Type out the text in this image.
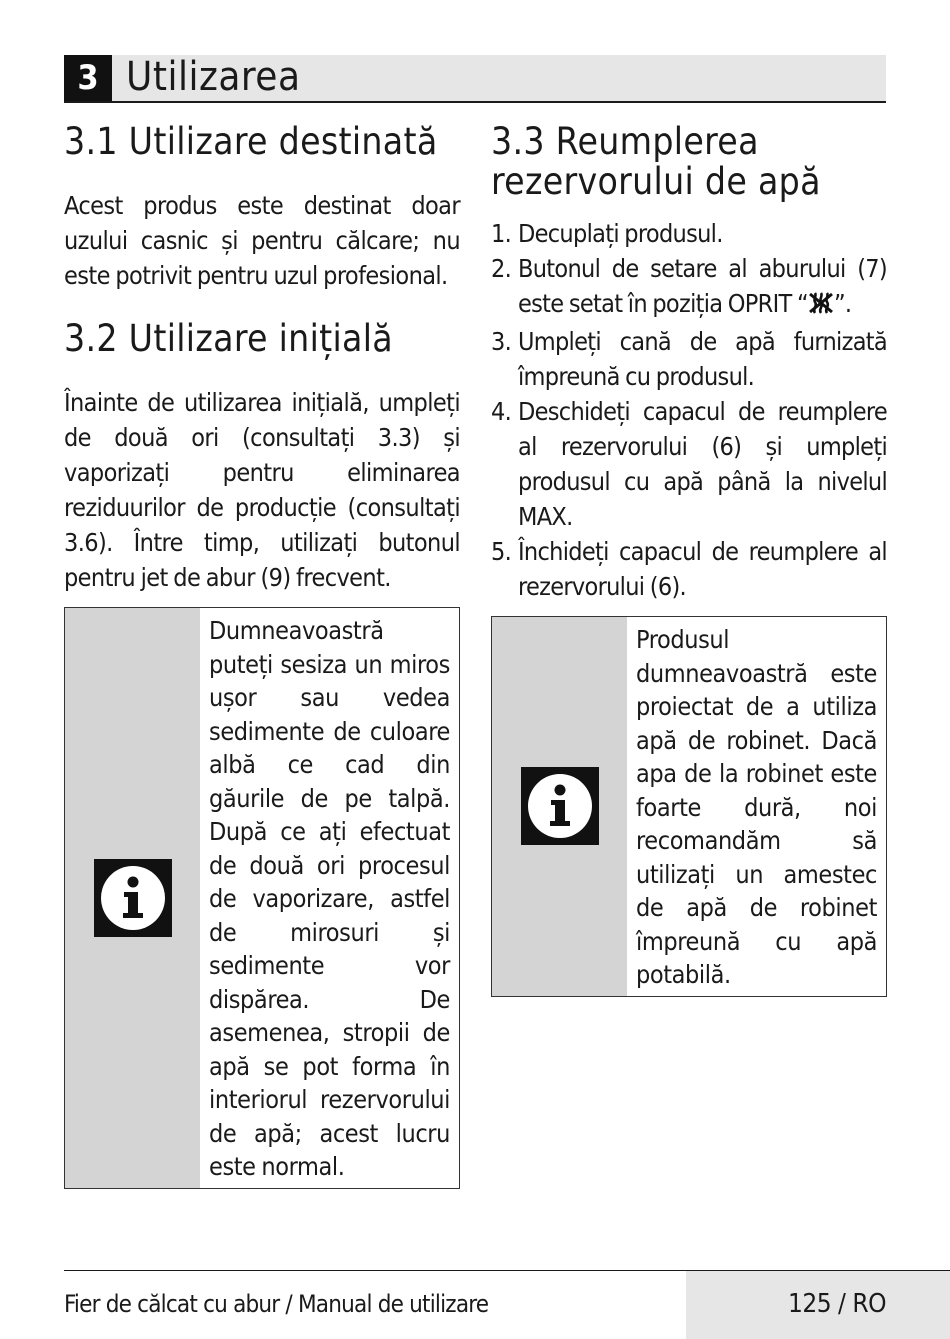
3 Utilizarea
3.1 Utilizare destinată

Acest produs este destinat doar uzului casnic și pentru călcare; nu este potrivit pentru uzul profesional.

3.2 Utilizare inițială

Înainte de utilizarea inițială, umpleți de două ori (consultați 3.3) și vaporizați pentru eliminarea reziduurilor de producție (consultați 3.6). Între timp, utilizați butonul pentru jet de abur (9) frecvent.

Dumneavoastră puteți sesiza un miros ușor sau vedea sedimente de culoare albă ce cad din găurile de pe talpă. După ce ați efectuat de două ori procesul de vaporizare, astfel de mirosuri și sedimente vor dispărea. De asemenea, stropii de apă se pot forma în interiorul rezervorului de apă; acest lucru este normal.
3.3 Reumplerea rezervorului de apă
1. Decuplați produsul.
2. Butonul de setare al aburului (7) este setat în poziția OPRIT “ ”.
3. Umpleți cană de apă furnizată împreună cu produsul.
4. Deschideți capacul de reumplere al rezervorului (6) și umpleți produsul cu apă până la nivelul MAX.
5. Închideți capacul de reumplere al rezervorului (6).
Produsul dumneavoastră este proiectat de a utiliza apă de robinet. Dacă apa de la robinet este foarte dură, noi recomandăm să utilizați un amestec de apă de robinet împreună cu apă potabilă.
Fier de călcat cu abur / Manual de utilizare	125 / RO
